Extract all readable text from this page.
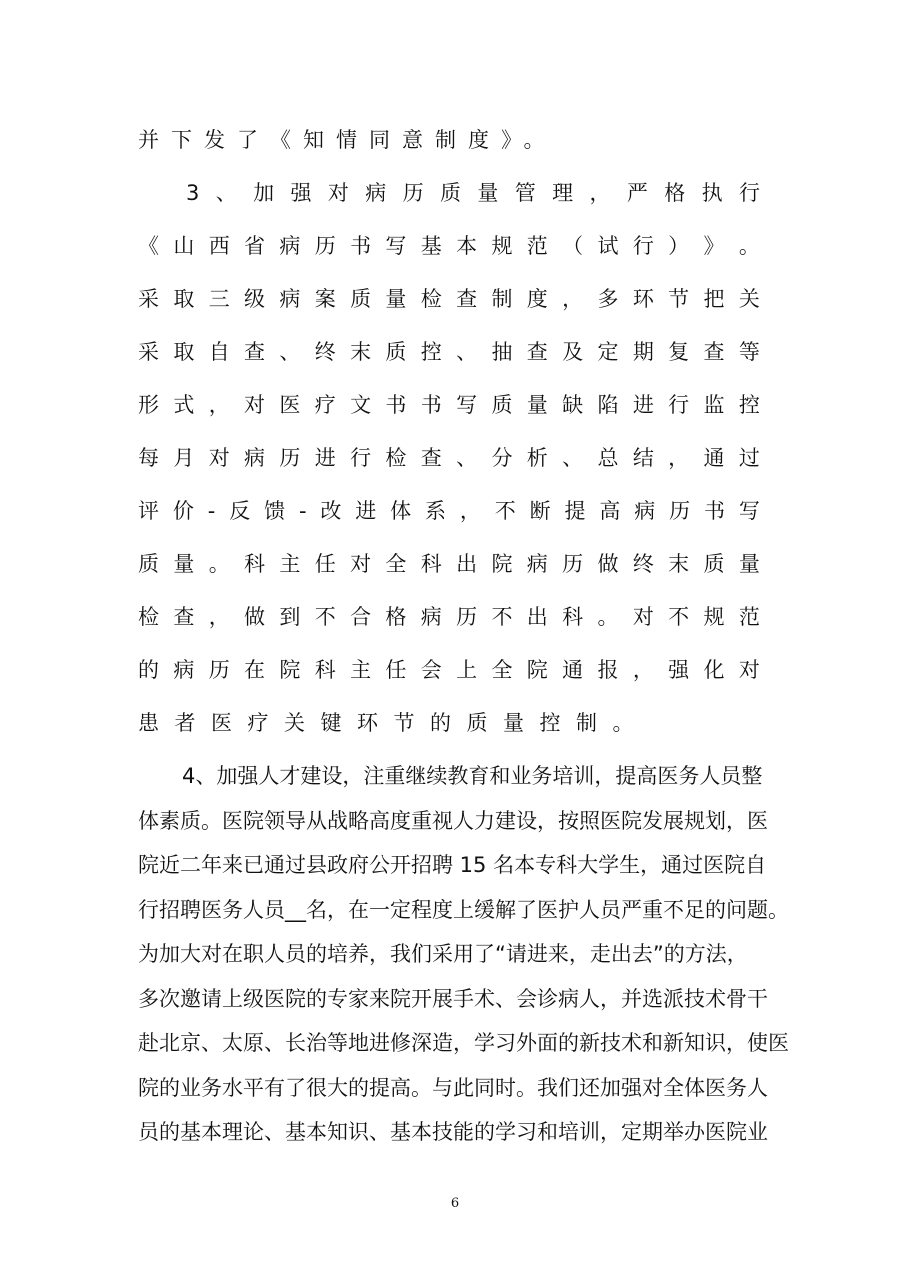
并下发了《知情同意制度》。
3 、 加 强 对 病 历 质 量 管 理 ， 严 格 执 行
《 山 西 省 病 历 书 写 基 本 规 范 （ 试 行 ） 》 。
采 取 三 级 病 案 质 量 检 查 制 度 ， 多 环 节 把 关
采 取 自 查 、 终 末 质 控 、 抽 查 及 定 期 复 查 等
形 式 ， 对 医 疗 文 书 书 写 质 量 缺 陷 进 行 监 控
每 月 对 病 历 进 行 检 查 、 分 析 、 总 结 ， 通 过
评 价 - 反 馈 - 改 进 体 系 ， 不 断 提 高 病 历 书 写
质 量 。 科 主 任 对 全 科 出 院 病 历 做 终 末 质 量
检 查 ， 做 到 不 合 格 病 历 不 出 科 。 对 不 规 范
的 病 历 在 院 科 主 任 会 上 全 院 通 报 ， 强 化 对
患者医疗关键环节的质量控制。

4、加强人才建设，注重继续教育和业务培训，提高医务人员整

体素质。医院领导从战略高度重视人力建设，按照医院发展规划，医

院近二年来已通过县政府公开招聘 15 名本专科大学生，通过医院自

行招聘医务人员__名，在一定程度上缓解了医护人员严重不足的问题。

为加大对在职人员的培养，我们采用了“请进来，走出去”的方法，

多次邀请上级医院的专家来院开展手术、会诊病人，并选派技术骨干

赴北京、太原、长治等地进修深造，学习外面的新技术和新知识，使医

院的业务水平有了很大的提高。与此同时。我们还加强对全体医务人

员的基本理论、基本知识、基本技能的学习和培训，定期举办医院业

6
